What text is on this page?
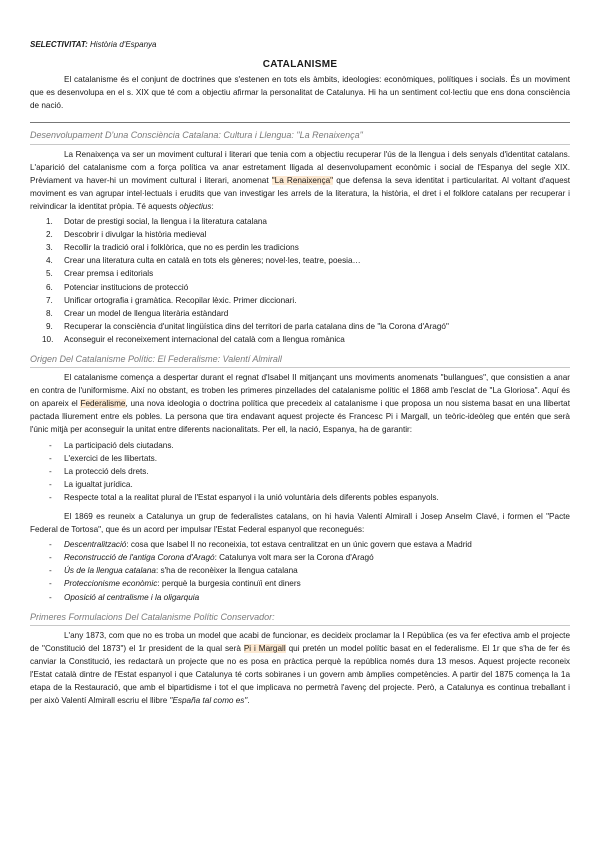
SELECTIVITAT: Història d'Espanya
CATALANISME

El catalanisme és el conjunt de doctrines que s'estenen en tots els àmbits, ideologies: econòmiques, polítiques i socials. És un moviment que es desenvolupa en el s. XIX que té com a objectiu afirmar la personalitat de Catalunya. Hi ha un sentiment col·lectiu que ens dona consciència de nació.

Desenvolupament D'una Consciència Catalana: Cultura i Llengua: "La Renaixença"

La Renaixença va ser un moviment cultural i literari que tenia com a objectiu recuperar l'ús de la llengua i dels senyals d'identitat catalans. L'aparició del catalanisme com a força política va anar estretament lligada al desenvolupament econòmic i social de l'Espanya del segle XIX. Prèviament va haver-hi un moviment cultural i literari, anomenat "La Renaixença" que defensa la seva identitat i particularitat. Al voltant d'aquest moviment es van agrupar intel·lectuals i erudits que van investigar les arrels de la literatura, la història, el dret i el folklore catalans per recuperar i reivindicar la identitat pròpia. Té aquests objectius:

1. Dotar de prestigi social, la llengua i la literatura catalana
2. Descobrir i divulgar la història medieval
3. Recollir la tradició oral i folklòrica, que no es perdin les tradicions
4. Crear una literatura culta en català en tots els gèneres; novel·les, teatre, poesia…
5. Crear premsa i editorials
6. Potenciar institucions de protecció
7. Unificar ortografia i gramàtica. Recopilar lèxic. Primer diccionari.
8. Crear un model de llengua literària estàndard
9. Recuperar la consciència d'unitat lingüística dins del territori de parla catalana dins de "la Corona d'Aragó"
10. Aconseguir el reconeixement internacional del català com a llengua romànica
Origen Del Catalanisme Polític: El Federalisme: Valentí Almirall

El catalanisme comença a despertar durant el regnat d'Isabel II mitjançant uns moviments anomenats "bullangues", que consistien a anar en contra de l'uniformisme. Així no obstant, es troben les primeres pinzellades del catalanisme polític el 1868 amb l'esclat de "La Gloriosa". Aquí és on apareix el Federalisme, una nova ideologia o doctrina política que precedeix al catalanisme i que proposa un nou sistema basat en una llibertat pactada lliurement entre els pobles. La persona que tira endavant aquest projecte és Francesc Pi i Margall, un teòric-ideòleg que entén que serà l'únic mitjà per aconseguir la unitat entre diferents nacionalitats. Per ell, la nació, Espanya, ha de garantir:

- La participació dels ciutadans.
- L'exercici de les llibertats.
- La protecció dels drets.
- La igualtat jurídica.
- Respecte total a la realitat plural de l'Estat espanyol i la unió voluntària dels diferents pobles espanyols.

El 1869 es reuneix a Catalunya un grup de federalistes catalans, on hi havia Valentí Almirall i Josep Anselm Clavé, i formen el "Pacte Federal de Tortosa", que és un acord per impulsar l'Estat Federal espanyol que reconegués:

- Descentralització: cosa que Isabel II no reconeixia, tot estava centralitzat en un únic govern que estava a Madrid
- Reconstrucció de l'antiga Corona d'Aragó: Catalunya volt mara ser la Corona d'Aragó
- Ús de la llengua catalana: s'ha de reconèixer la llengua catalana
- Proteccionisme econòmic: perquè la burgesia continuïi ent diners
- Oposició al centralisme i la oligarquia
Primeres Formulacions Del Catalanisme Polític Conservador:

L'any 1873, com que no es troba un model que acabi de funcionar, es decideix proclamar la I República (es va fer efectiva amb el projecte de "Constitució del 1873") el 1r president de la qual serà Pi i Margall qui pretén un model polític basat en el federalisme. El 1r que s'ha de fer és canviar la Constitució, ies redactarà un projecte que no es posa en pràctica perquè la república només dura 13 mesos. Aquest projecte reconeix l'Estat català dintre de l'Estat espanyol i que Catalunya té corts sobiranes i un govern amb àmplies competències. A partir del 1875 comença la 1a etapa de la Restauració, que amb el bipartidisme i tot el que implicava no permetrà l'avenç del projecte. Però, a Catalunya es continua treballant i per això Valentí Almirall escriu el llibre "España tal como es".
